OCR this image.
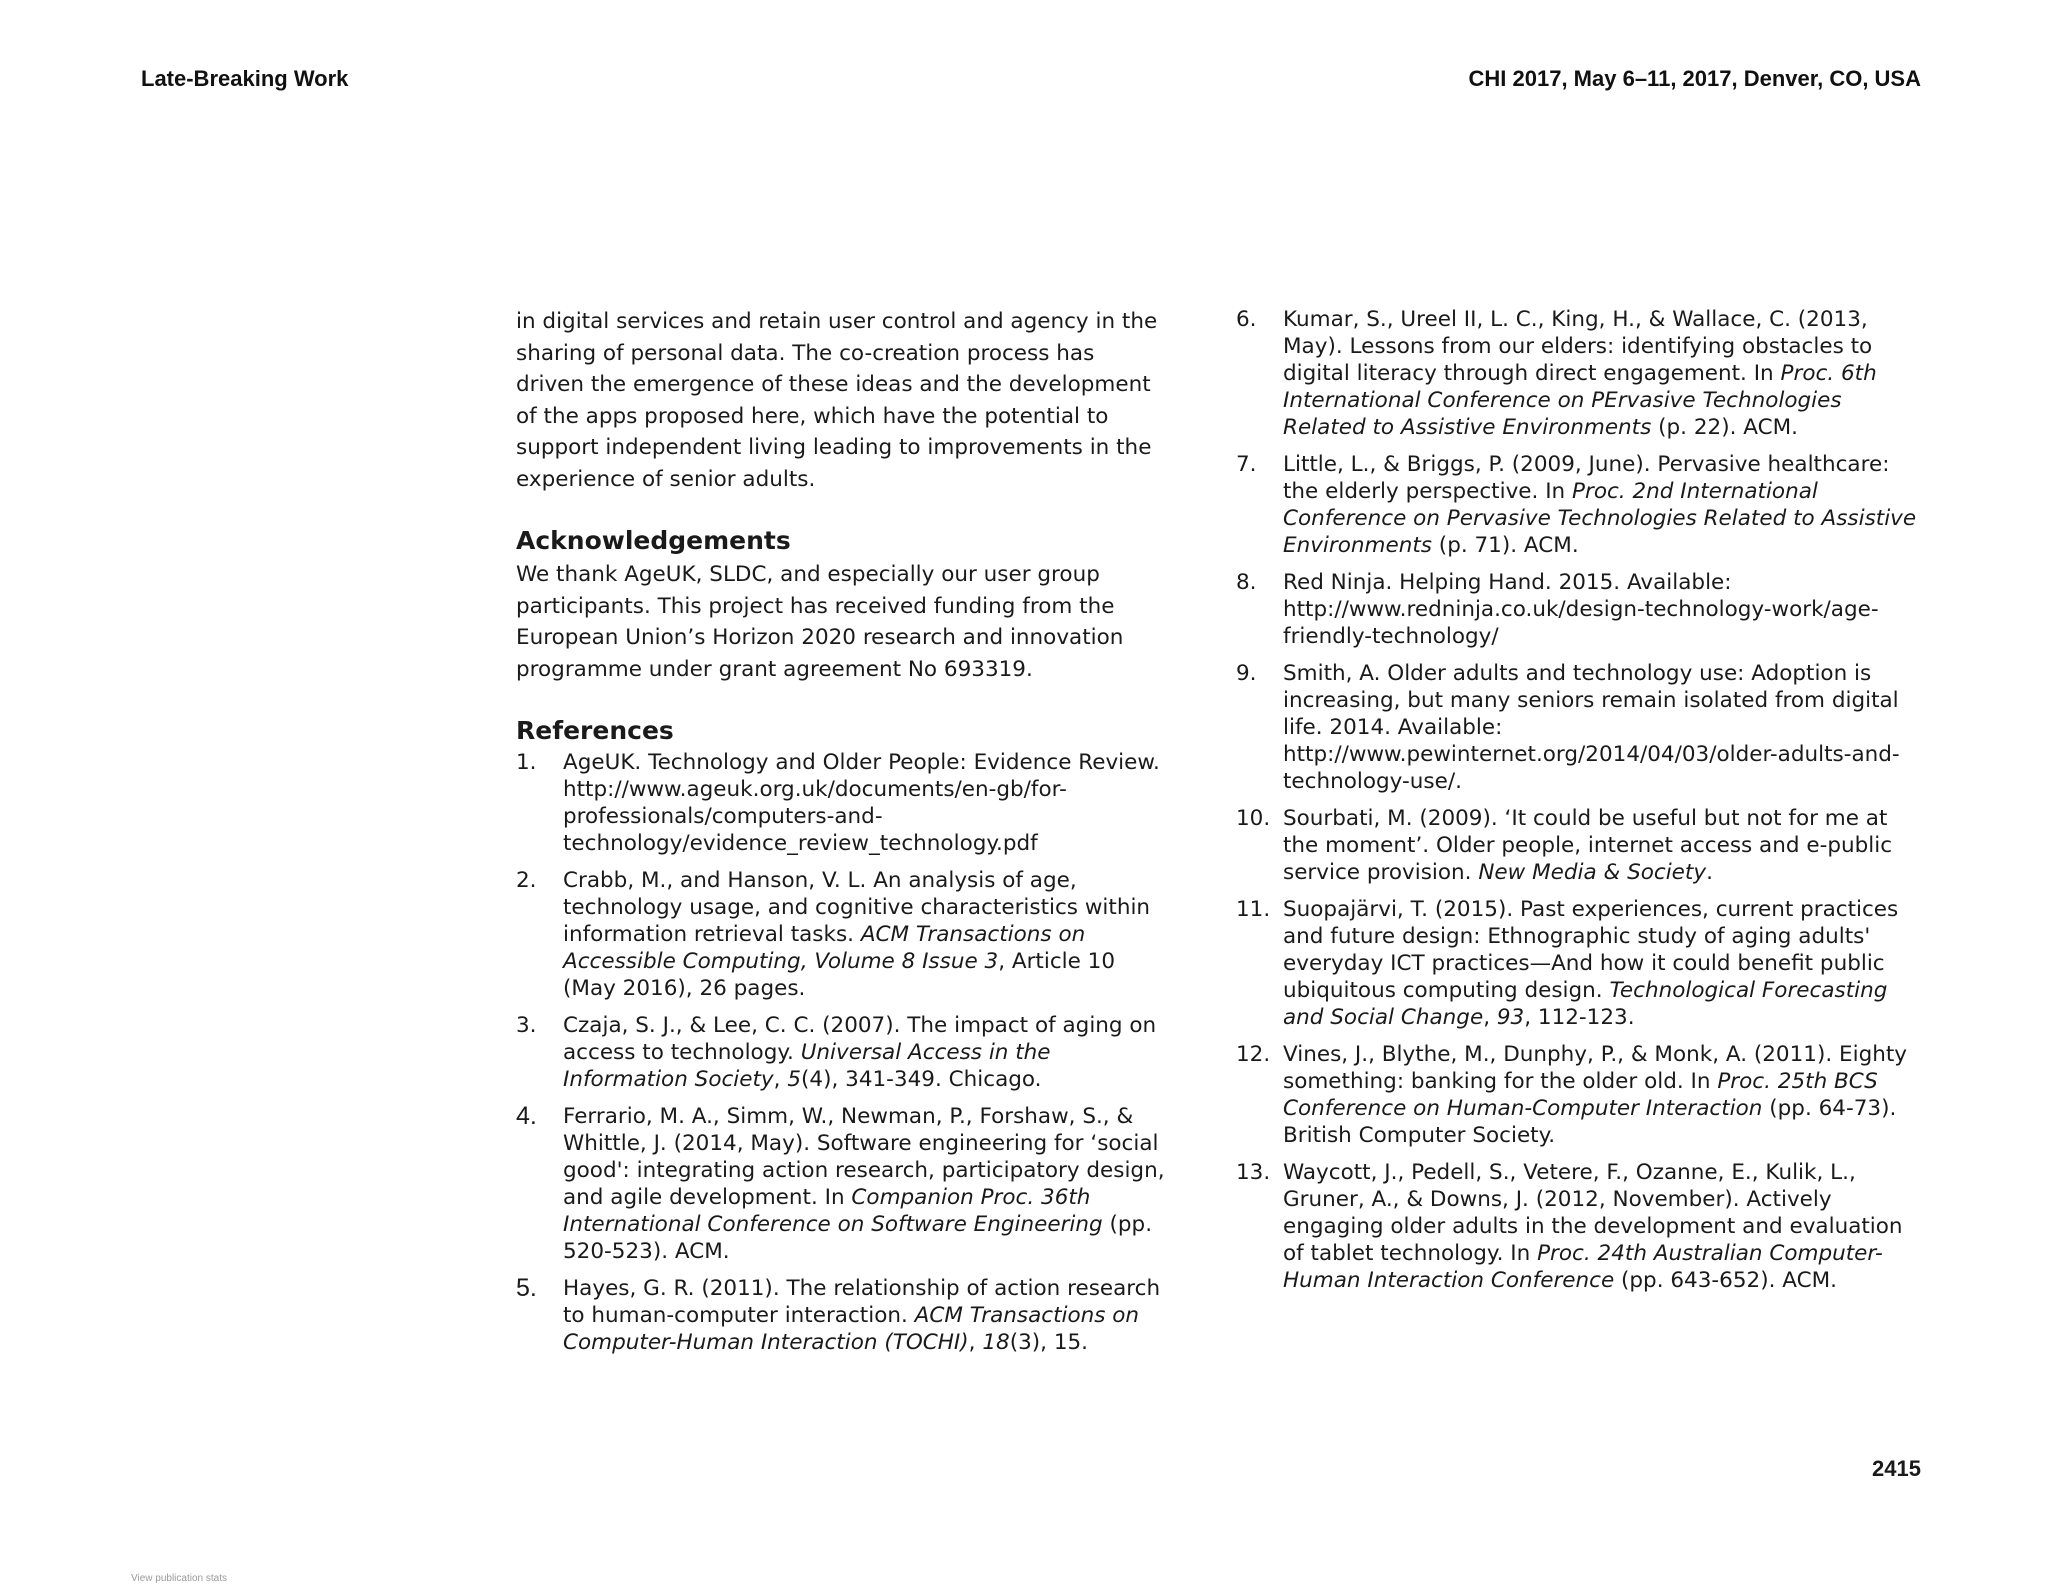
Late-Breaking Work	CHI 2017, May 6–11, 2017, Denver, CO, USA

in digital services and retain user control and agency in the sharing of personal data. The co-creation process has driven the emergence of these ideas and the development of the apps proposed here, which have the potential to support independent living leading to improvements in the experience of senior adults.

Acknowledgements

We thank AgeUK, SLDC, and especially our user group participants. This project has received funding from the European Union’s Horizon 2020 research and innovation programme under grant agreement No 693319.

References
1. AgeUK. Technology and Older People: Evidence Review. http://www.ageuk.org.uk/documents/en-gb/for-professionals/computers-and-technology/evidence_review_technology.pdf
2. Crabb, M., and Hanson, V. L. An analysis of age, technology usage, and cognitive characteristics within information retrieval tasks. ACM Transactions on Accessible Computing, Volume 8 Issue 3, Article 10 (May 2016), 26 pages.
3. Czaja, S. J., & Lee, C. C. (2007). The impact of aging on access to technology. Universal Access in the Information Society, 5(4), 341-349. Chicago.
4. Ferrario, M. A., Simm, W., Newman, P., Forshaw, S., & Whittle, J. (2014, May). Software engineering for ‘social good': integrating action research, participatory design, and agile development. In Companion Proc. 36th International Conference on Software Engineering (pp. 520-523). ACM.
5. Hayes, G. R. (2011). The relationship of action research to human-computer interaction. ACM Transactions on Computer-Human Interaction (TOCHI), 18(3), 15.
6. Kumar, S., Ureel II, L. C., King, H., & Wallace, C. (2013, May). Lessons from our elders: identifying obstacles to digital literacy through direct engagement. In Proc. 6th International Conference on PErvasive Technologies Related to Assistive Environments (p. 22). ACM.
7. Little, L., & Briggs, P. (2009, June). Pervasive healthcare: the elderly perspective. In Proc. 2nd International Conference on Pervasive Technologies Related to Assistive Environments (p. 71). ACM.
8. Red Ninja. Helping Hand. 2015. Available: http://www.redninja.co.uk/design-technology-work/age-friendly-technology/
9. Smith, A. Older adults and technology use: Adoption is increasing, but many seniors remain isolated from digital life. 2014. Available: http://www.pewinternet.org/2014/04/03/older-adults-and-technology-use/.
10. Sourbati, M. (2009). ‘It could be useful but not for me at the moment’. Older people, internet access and e-public service provision. New Media & Society.
11. Suopajärvi, T. (2015). Past experiences, current practices and future design: Ethnographic study of aging adults' everyday ICT practices—And how it could benefit public ubiquitous computing design. Technological Forecasting and Social Change, 93, 112-123.
12. Vines, J., Blythe, M., Dunphy, P., & Monk, A. (2011). Eighty something: banking for the older old. In Proc. 25th BCS Conference on Human-Computer Interaction (pp. 64-73). British Computer Society.
13. Waycott, J., Pedell, S., Vetere, F., Ozanne, E., Kulik, L., Gruner, A., & Downs, J. (2012, November). Actively engaging older adults in the development and evaluation of tablet technology. In Proc. 24th Australian Computer-Human Interaction Conference (pp. 643-652). ACM.
2415
View publication stats
